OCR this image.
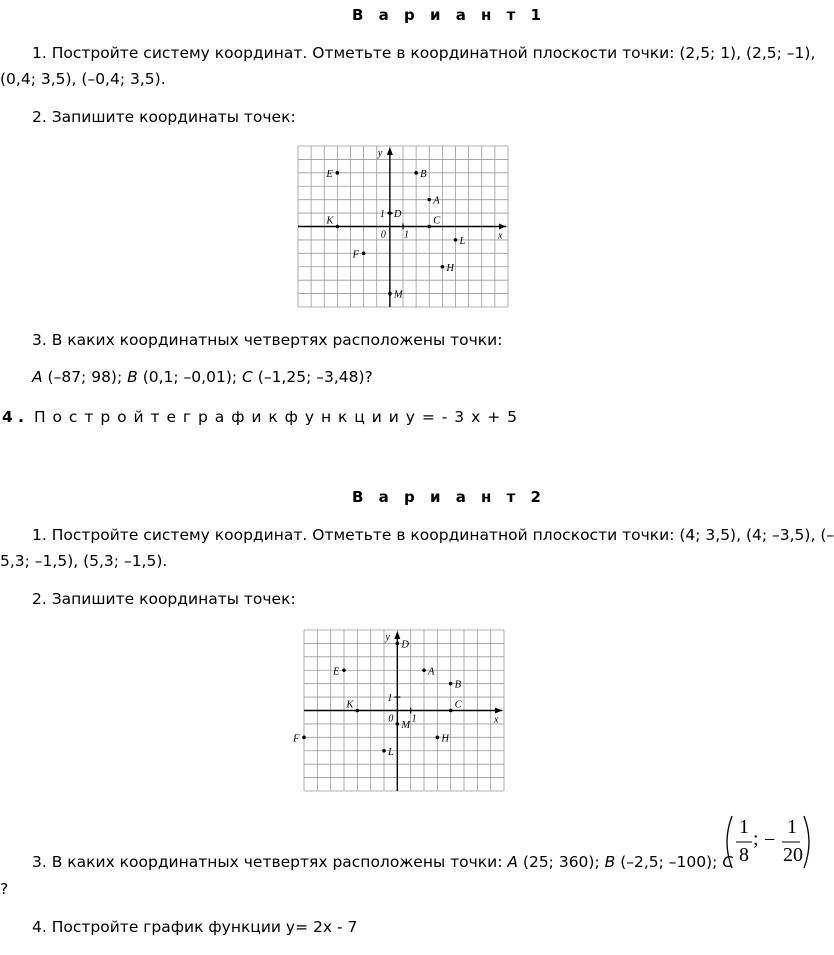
В а р и а н т 1
1. Постройте систему координат. Отметьте в координатной плоскости точки: (2,5; 1), (2,5; –1),
(0,4; 3,5), (–0,4; 3,5).
2. Запишите координаты точек:
x
y
0 1
1
E	B
A
D
K	C
L
F
H
M
3. В каких координатных четвертях расположены точки:
A (–87; 98); B (0,1; –0,01); C (–1,25; –3,48)?
4 . П о с т р о й т е г р а ф и к ф у н к ц и и y = - 3 x + 5
В а р и а н т 2
1. Постройте систему координат. Отметьте в координатной плоскости точки: (4; 3,5), (4; –3,5), (–
5,3; –1,5), (5,3; –1,5).
2. Запишите координаты точек:
x
y
0 1
1
D
E	A
B
K	C
M
F	H
L
3. В каких координатных четвертях расположены точки: A (25; 360); B (–2,5; –100); C
1
8
; −
1
20
?
4. Постройте график функции y= 2x - 7
